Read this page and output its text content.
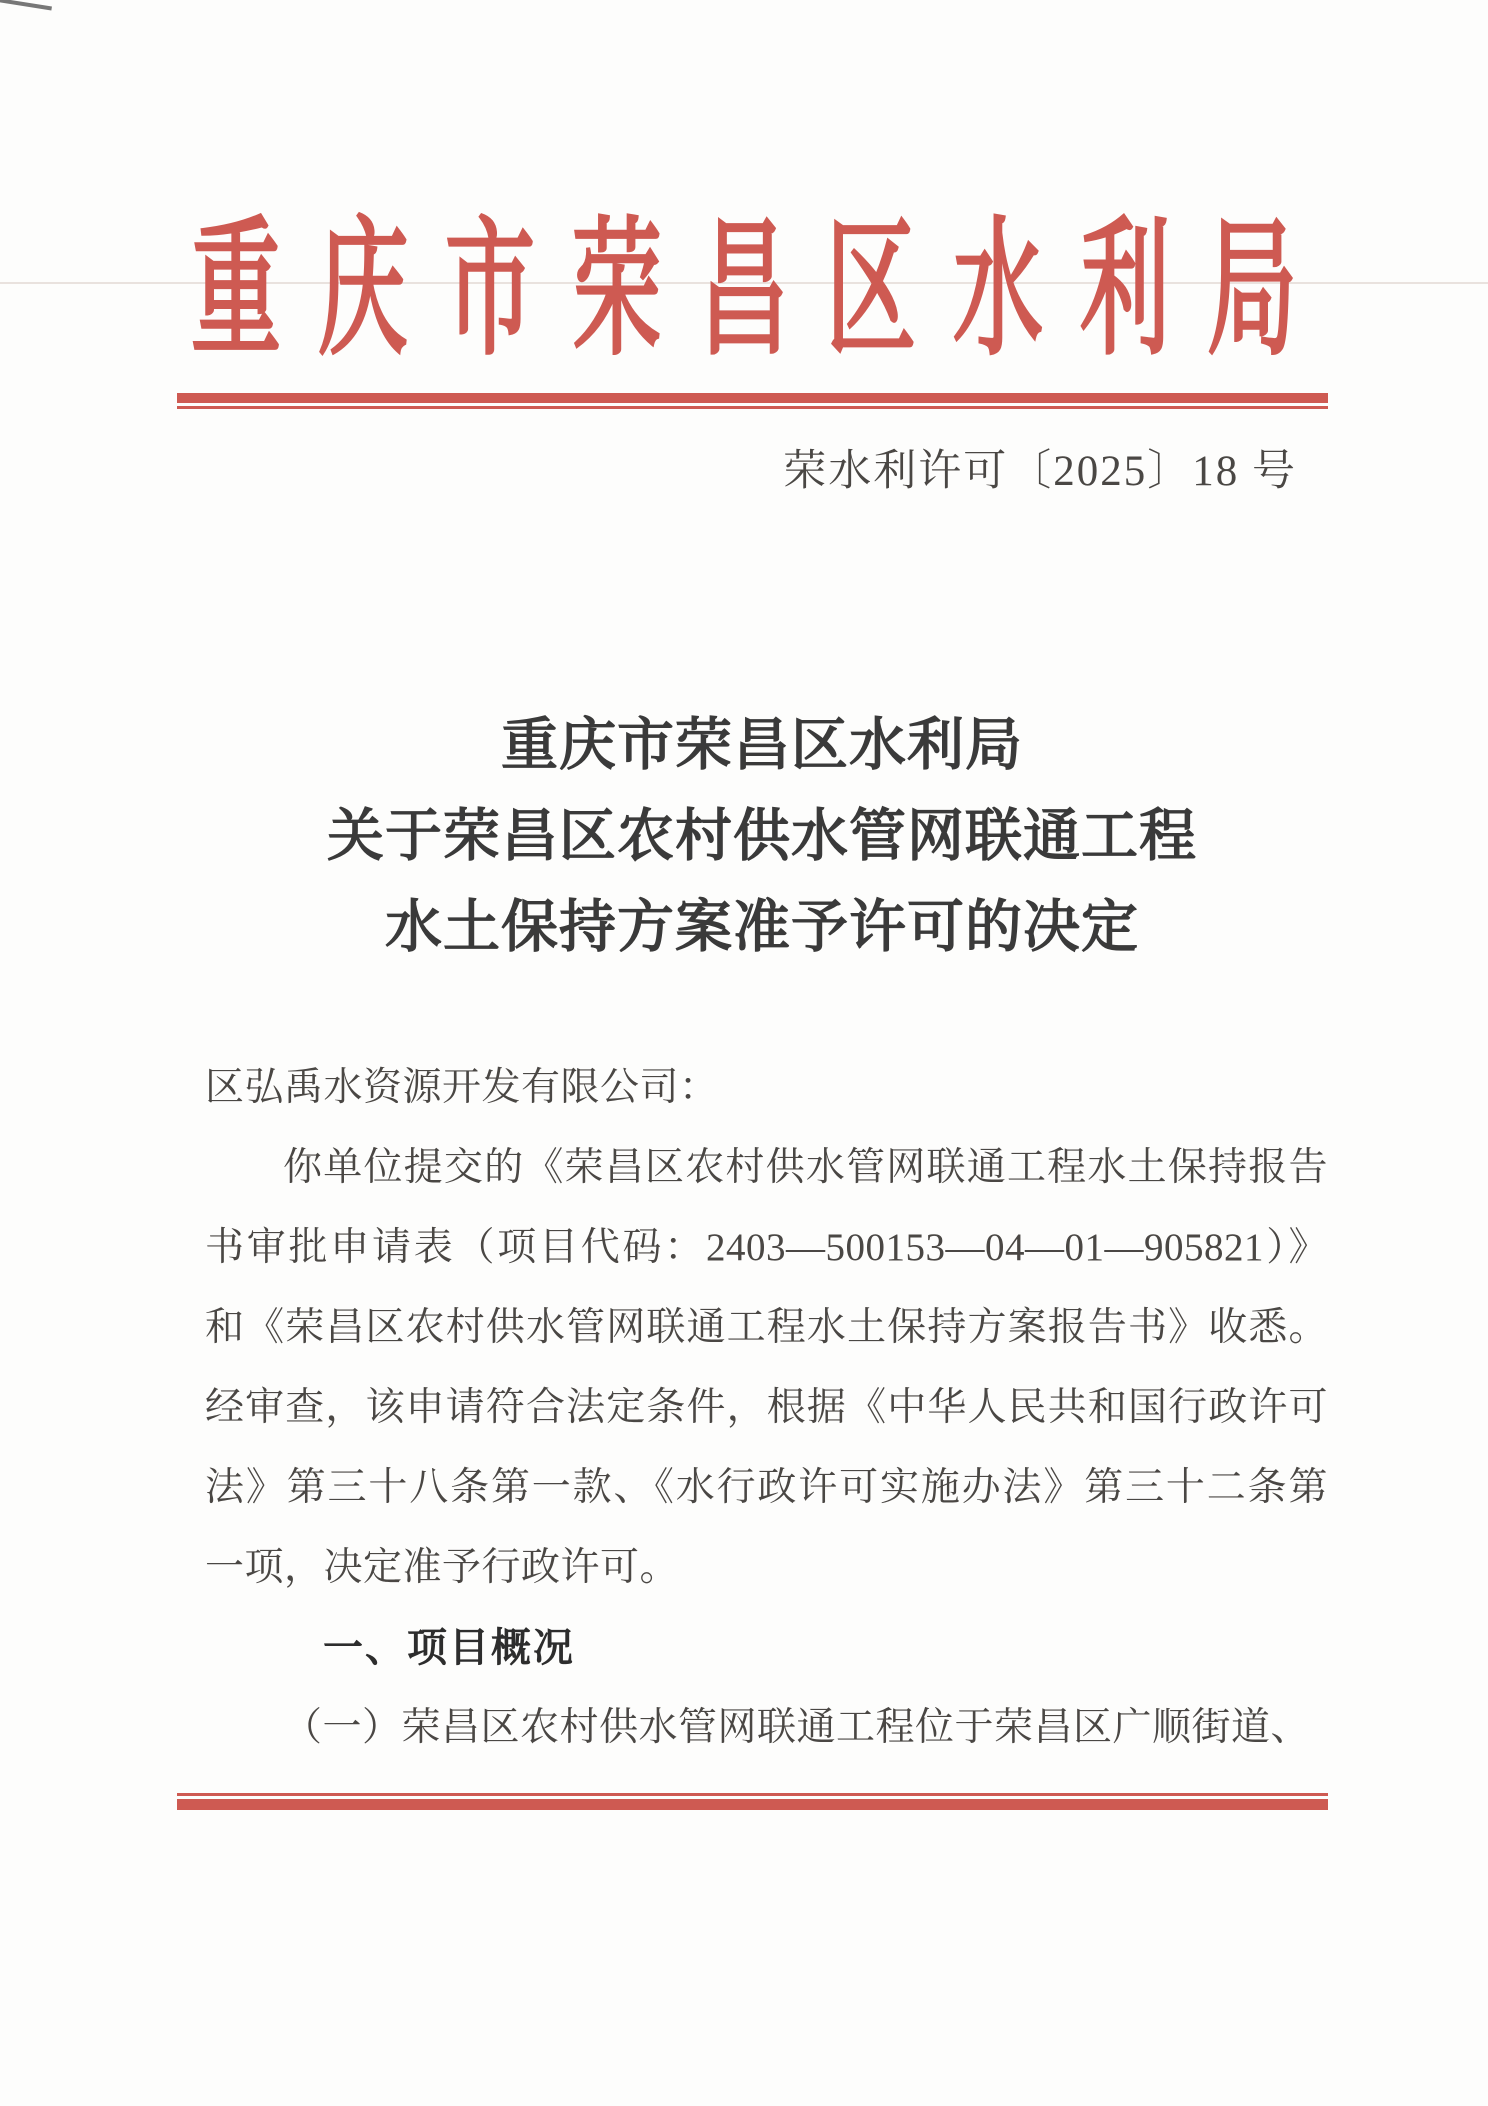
重庆市荣昌区水利局
荣水利许可〔2025〕18 号
重庆市荣昌区水利局
关于荣昌区农村供水管网联通工程
水土保持方案准予许可的决定
区弘禹水资源开发有限公司：
你单位提交的《荣昌区农村供水管网联通工程水土保持报告
书审批申请表（项目代码：2403—500153—04—01—905821）》
和《荣昌区农村供水管网联通工程水土保持方案报告书》收悉。
经审查，该申请符合法定条件，根据《中华人民共和国行政许可
法》第三十八条第一款、《水行政许可实施办法》第三十二条第
一项，决定准予行政许可。
一、项目概况
（一）荣昌区农村供水管网联通工程位于荣昌区广顺街道、
